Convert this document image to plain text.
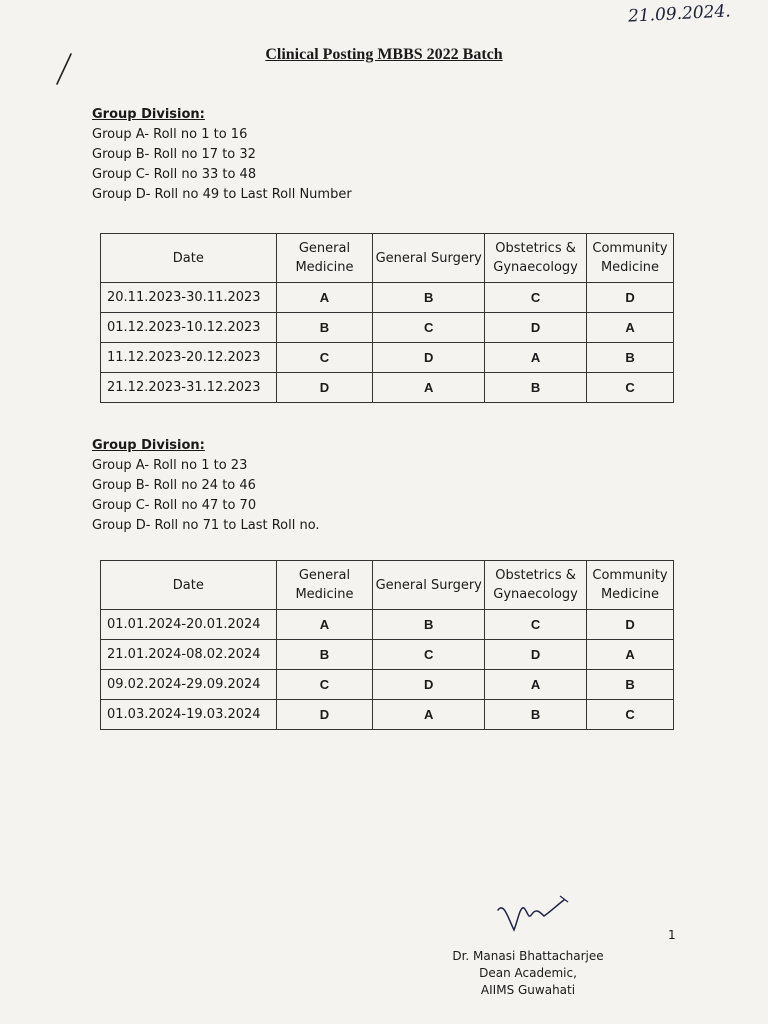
21.09.2024.
Clinical Posting MBBS 2022 Batch
Group Division:
Group A- Roll no 1 to 16
Group B- Roll no 17 to 32
Group C- Roll no 33 to 48
Group D- Roll no 49 to Last Roll Number
Date	General Medicine	General Surgery	Obstetrics & Gynaecology	Community Medicine
20.11.2023-30.11.2023	A	B	C	D
01.12.2023-10.12.2023	B	C	D	A
11.12.2023-20.12.2023	C	D	A	B
21.12.2023-31.12.2023	D	A	B	C
Group Division:
Group A- Roll no 1 to 23
Group B- Roll no 24 to 46
Group C- Roll no 47 to 70
Group D- Roll no 71 to Last Roll no.
Date	General Medicine	General Surgery	Obstetrics & Gynaecology	Community Medicine
01.01.2024-20.01.2024	A	B	C	D
21.01.2024-08.02.2024	B	C	D	A
09.02.2024-29.09.2024	C	D	A	B
01.03.2024-19.03.2024	D	A	B	C
1
Dr. Manasi Bhattacharjee
Dean Academic,
AIIMS Guwahati
